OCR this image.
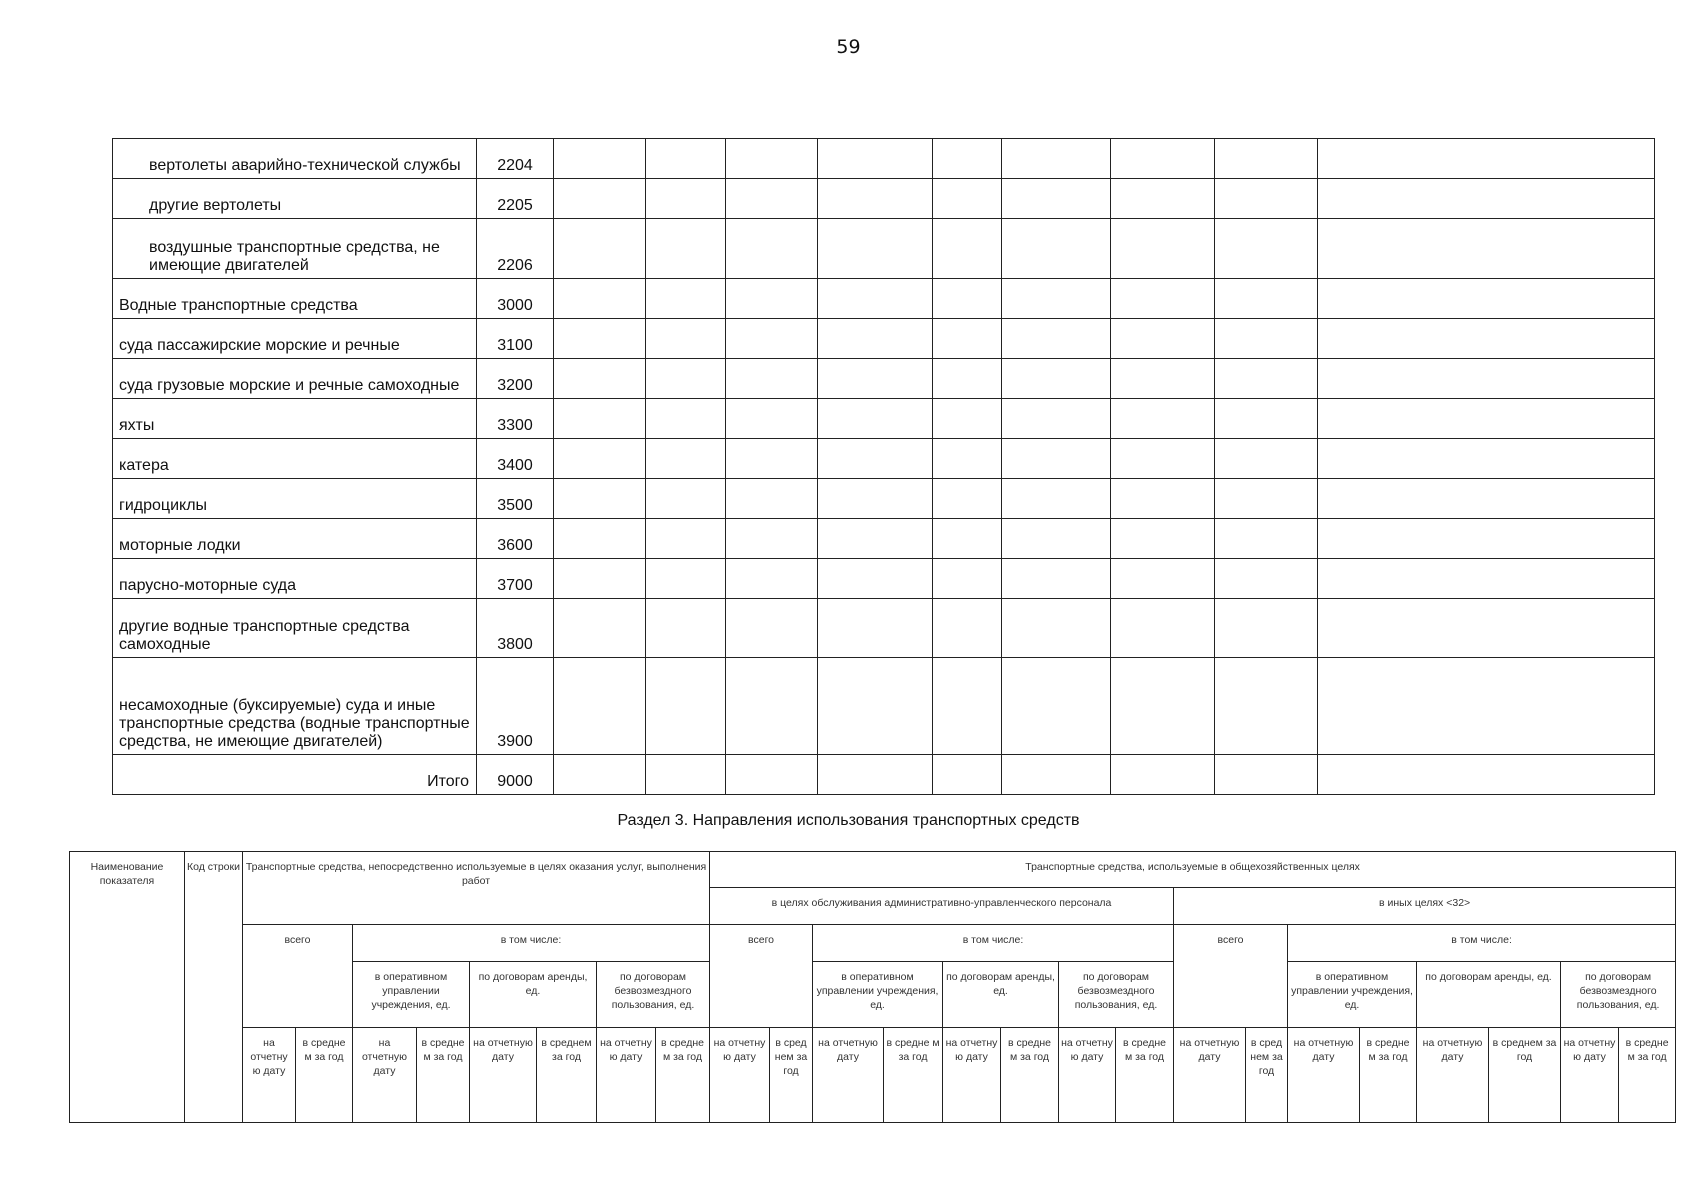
59
вертолеты аварийно-технической службы	2204									
другие вертолеты	2205									
воздушные транспортные средства, не имеющие двигателей	2206									
Водные транспортные средства	3000									
суда пассажирские морские и речные	3100									
суда грузовые морские и речные самоходные	3200									
яхты	3300									
катера	3400									
гидроциклы	3500									
моторные лодки	3600									
парусно-моторные суда	3700									
другие водные транспортные средства самоходные	3800									
несамоходные (буксируемые) суда и иные транспортные средства (водные транспортные средства, не имеющие двигателей)	3900									
Итого	9000									
Раздел 3. Направления использования транспортных средств
Наименование показателя	Код строки	Транспортные средства, непосредственно используемые в целях оказания услуг, выполнения работ								Транспортные средства, используемые в общехозяйственных целях															
										в целях обслуживания административно-управленческого персонала								в иных целях <32>							
		всего		в том числе:						всего		в том числе:						всего		в том числе:					
				в оперативном управлении учреждения, ед.		по договорам аренды, ед.		по договорам безвозмездного пользования, ед.				в оперативном управлении учреждения, ед.		по договорам аренды, ед.		по договорам безвозмездного пользования, ед.				в оперативном управлении учреждения, ед.		по договорам аренды, ед.		по договорам безвозмездного пользования, ед.	
		на отчетну ю дату	в средне м за год	на отчетную дату	в средне м за год	на отчетную дату	в среднем за год	на отчетну ю дату	в средне м за год	на отчетну ю дату	в сред нем за год	на отчетную дату	в средне м за год	на отчетну ю дату	в средне м за год	на отчетну ю дату	в средне м за год	на отчетную дату	в сред нем за год	на отчетную дату	в средне м за год	на отчетную дату	в среднем за год	на отчетну ю дату	в средне м за год
